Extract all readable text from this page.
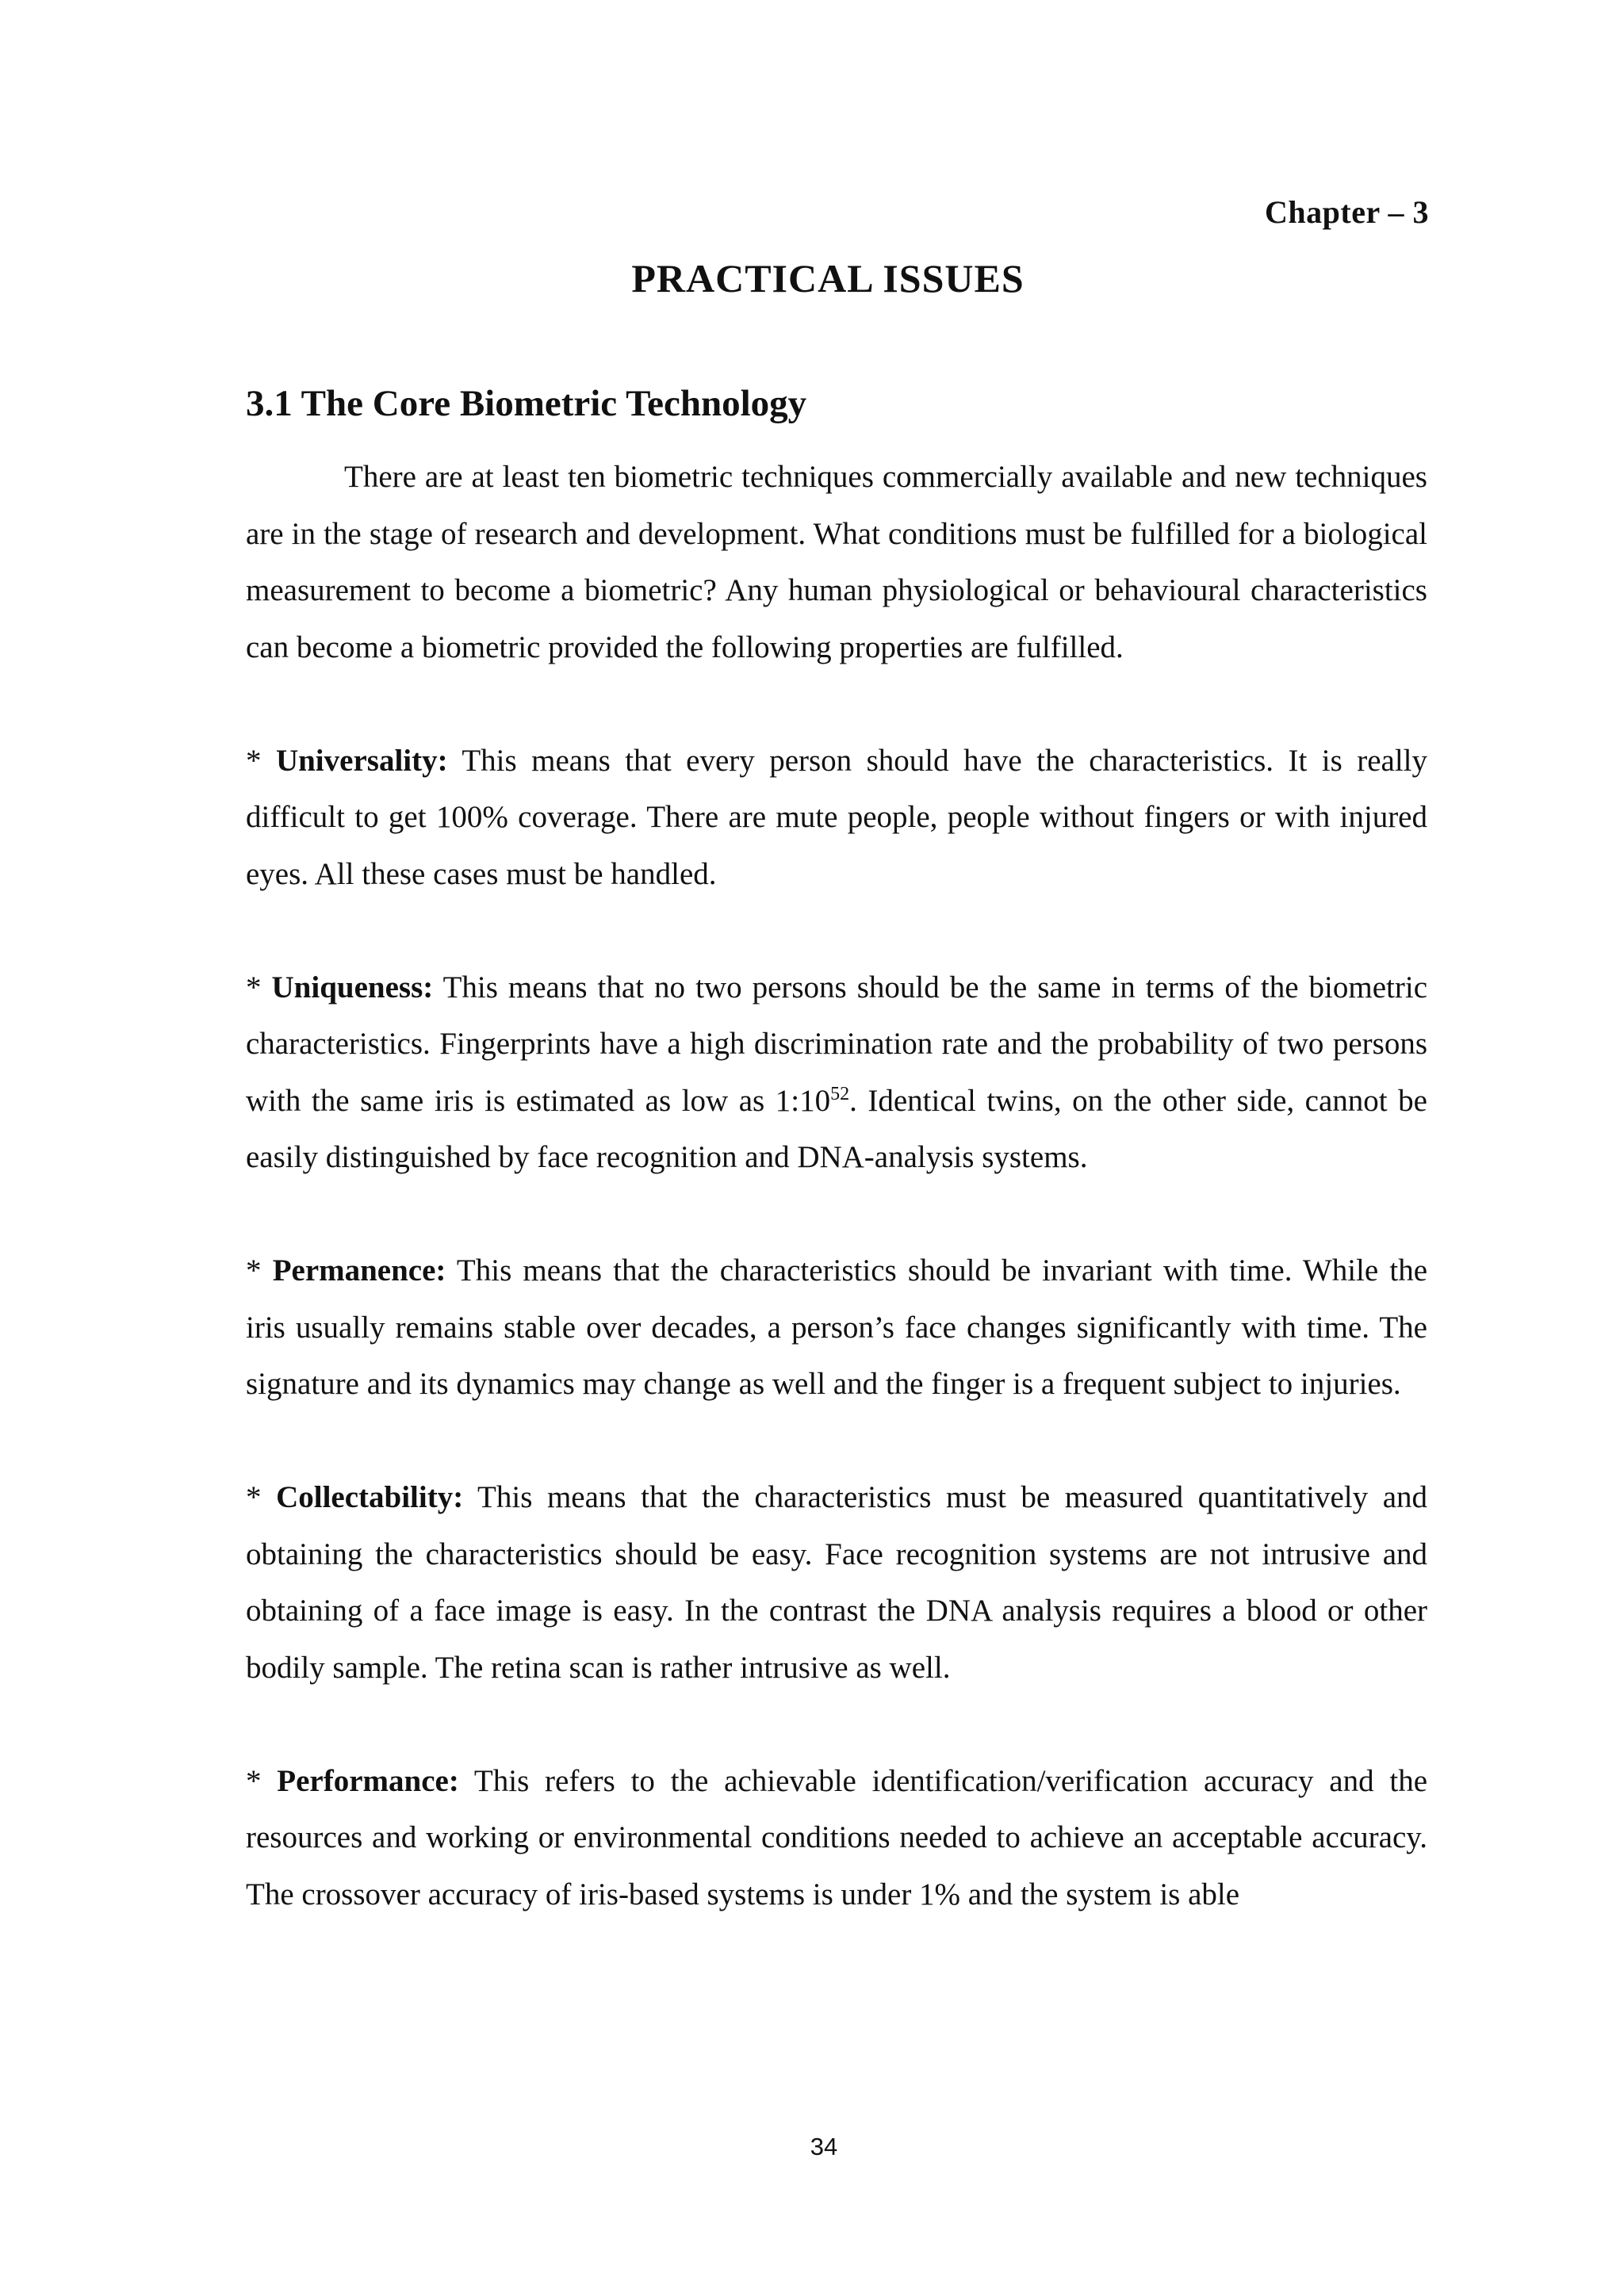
Chapter – 3
PRACTICAL ISSUES
3.1 The Core Biometric Technology

There are at least ten biometric techniques commercially available and new techniques are in the stage of research and development. What conditions must be fulfilled for a biological measurement to become a biometric? Any human physiological or behavioural characteristics can become a biometric provided the following properties are fulfilled.

* Universality: This means that every person should have the characteristics. It is really difficult to get 100% coverage. There are mute people, people without fingers or with injured eyes. All these cases must be handled.

* Uniqueness: This means that no two persons should be the same in terms of the biometric characteristics. Fingerprints have a high discrimination rate and the probability of two persons with the same iris is estimated as low as $1:10^{52}$. Identical twins, on the other side, cannot be easily distinguished by face recognition and DNA-analysis systems.

* Permanence: This means that the characteristics should be invariant with time. While the iris usually remains stable over decades, a person’s face changes significantly with time. The signature and its dynamics may change as well and the finger is a frequent subject to injuries.

* Collectability: This means that the characteristics must be measured quantitatively and obtaining the characteristics should be easy. Face recognition systems are not intrusive and obtaining of a face image is easy. In the contrast the DNA analysis requires a blood or other bodily sample. The retina scan is rather intrusive as well.

* Performance: This refers to the achievable identification/verification accuracy and the resources and working or environmental conditions needed to achieve an acceptable accuracy. The crossover accuracy of iris-based systems is under 1% and the system is able

34
